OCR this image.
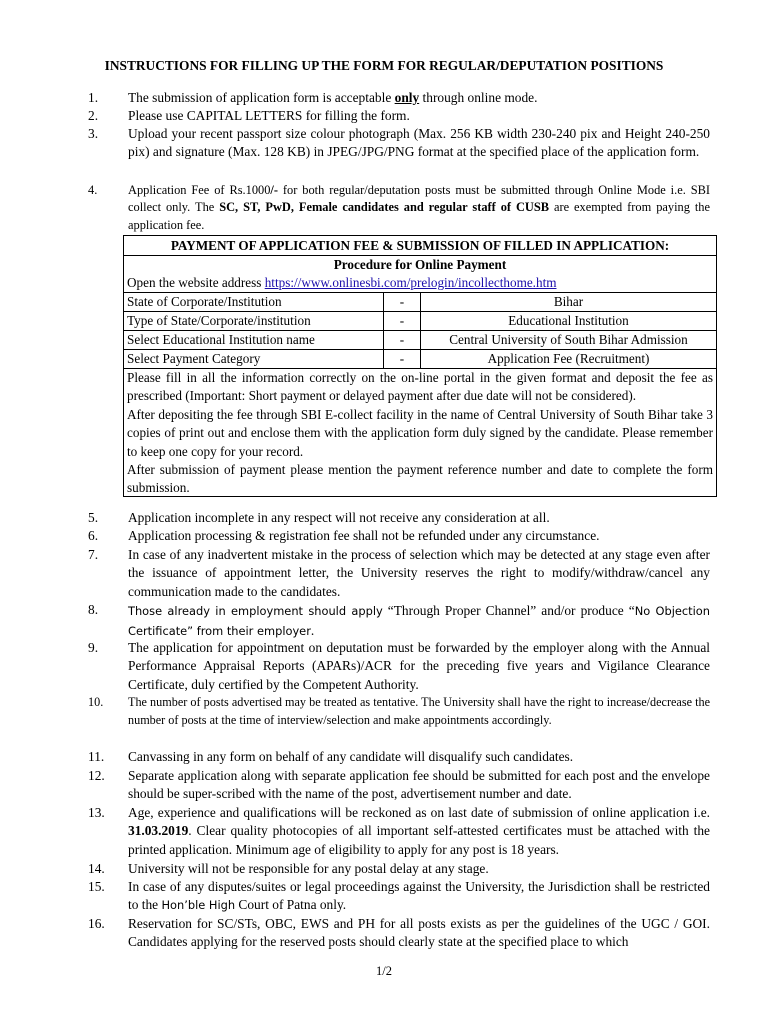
INSTRUCTIONS FOR FILLING UP THE FORM FOR REGULAR/DEPUTATION POSITIONS
1.	The submission of application form is acceptable only through online mode.
2.	Please use CAPITAL LETTERS for filling the form.
3.	Upload your recent passport size colour photograph (Max. 256 KB width 230-240 pix and Height 240-250 pix) and signature (Max. 128 KB) in JPEG/JPG/PNG format at the specified place of the application form.
4.	Application Fee of Rs.1000/- for both regular/deputation posts must be submitted through Online Mode i.e. SBI collect only. The SC, ST, PwD, Female candidates and regular staff of CUSB are exempted from paying the application fee.
PAYMENT OF APPLICATION FEE & SUBMISSION OF FILLED IN APPLICATION:
Procedure for Online Payment
Open the website address https://www.onlinesbi.com/prelogin/incollecthome.htm
State of Corporate/Institution	-	Bihar
Type of State/Corporate/institution	-	Educational Institution
Select Educational Institution name	-	Central University of South Bihar Admission
Select Payment Category	-	Application Fee (Recruitment)
Please fill in all the information correctly on the on-line portal in the given format and deposit the fee as prescribed (Important: Short payment or delayed payment after due date will not be considered).
After depositing the fee through SBI E-collect facility in the name of Central University of South Bihar take 3 copies of print out and enclose them with the application form duly signed by the candidate. Please remember to keep one copy for your record.
After submission of payment please mention the payment reference number and date to complete the form submission.
5.	Application incomplete in any respect will not receive any consideration at all.
6.	Application processing & registration fee shall not be refunded under any circumstance.
7.	In case of any inadvertent mistake in the process of selection which may be detected at any stage even after the issuance of appointment letter, the University reserves the right to modify/withdraw/cancel any communication made to the candidates.
8.	Those already in employment should apply “Through Proper Channel” and/or produce “No Objection Certificate” from their employer.
9.	The application for appointment on deputation must be forwarded by the employer along with the Annual Performance Appraisal Reports (APARs)/ACR for the preceding five years and Vigilance Clearance Certificate, duly certified by the Competent Authority.
10.	The number of posts advertised may be treated as tentative. The University shall have the right to increase/decrease the number of posts at the time of interview/selection and make appointments accordingly.
11.	Canvassing in any form on behalf of any candidate will disqualify such candidates.
12.	Separate application along with separate application fee should be submitted for each post and the envelope should be super-scribed with the name of the post, advertisement number and date.
13.	Age, experience and qualifications will be reckoned as on last date of submission of online application i.e. 31.03.2019. Clear quality photocopies of all important self-attested certificates must be attached with the printed application. Minimum age of eligibility to apply for any post is 18 years.
14.	University will not be responsible for any postal delay at any stage.
15.	In case of any disputes/suites or legal proceedings against the University, the Jurisdiction shall be restricted to the Hon’ble High Court of Patna only.
16.	Reservation for SC/STs, OBC, EWS and PH for all posts exists as per the guidelines of the UGC / GOI. Candidates applying for the reserved posts should clearly state at the specified place to which
1/2
